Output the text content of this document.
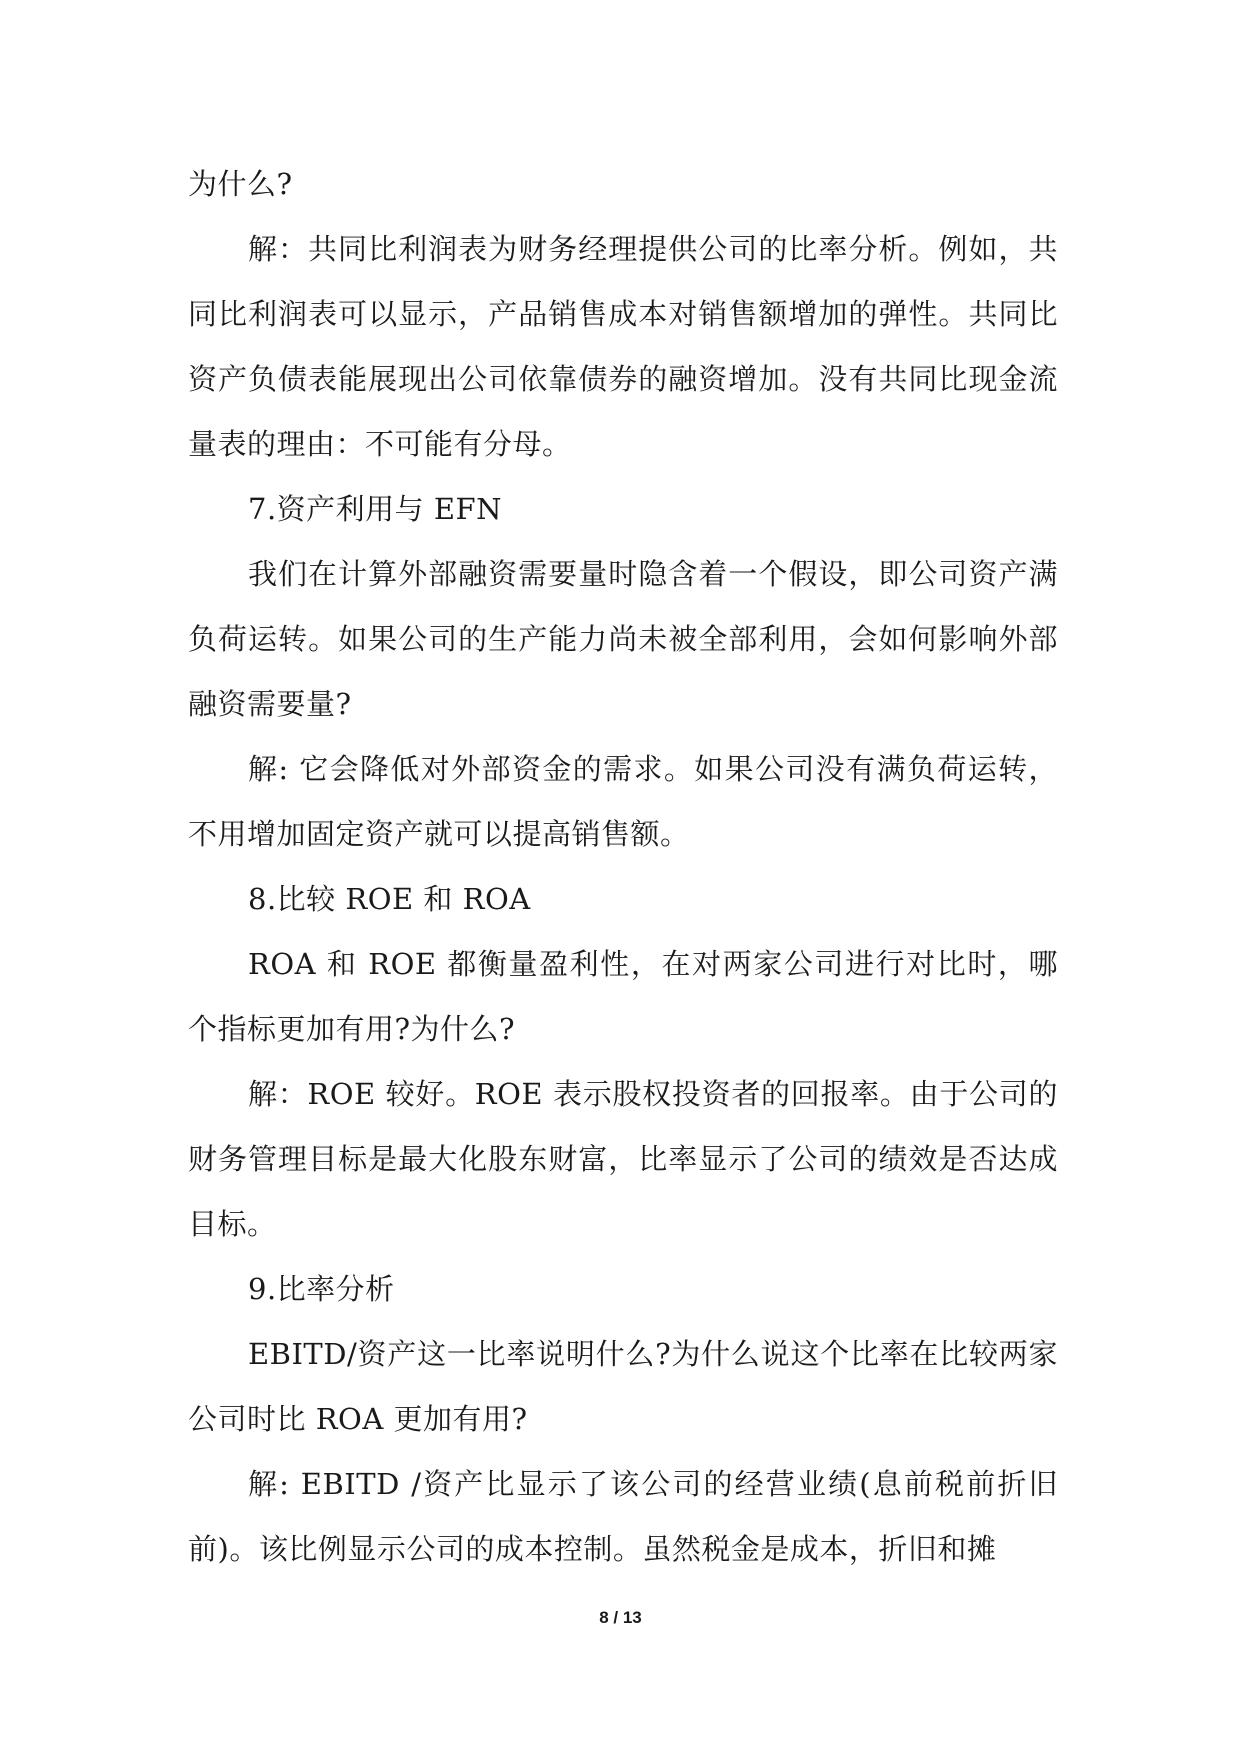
为什么?

解：共同比利润表为财务经理提供公司的比率分析。例如，共同比利润表可以显示，产品销售成本对销售额增加的弹性。共同比资产负债表能展现出公司依靠债券的融资增加。没有共同比现金流量表的理由：不可能有分母。

7.资产利用与 EFN

我们在计算外部融资需要量时隐含着一个假设，即公司资产满负荷运转。如果公司的生产能力尚未被全部利用，会如何影响外部融资需要量?

解: 它会降低对外部资金的需求。如果公司没有满负荷运转，不用增加固定资产就可以提高销售额。

8.比较 ROE 和 ROA

ROA 和 ROE 都衡量盈利性，在对两家公司进行对比时，哪个指标更加有用?为什么?

解：ROE 较好。ROE 表示股权投资者的回报率。由于公司的财务管理目标是最大化股东财富，比率显示了公司的绩效是否达成目标。

9.比率分析

EBITD/资产这一比率说明什么?为什么说这个比率在比较两家公司时比 ROA 更加有用?

解: EBITD /资产比显示了该公司的经营业绩(息前税前折旧前)。该比例显示公司的成本控制。虽然税金是成本，折旧和摊

8 / 13
